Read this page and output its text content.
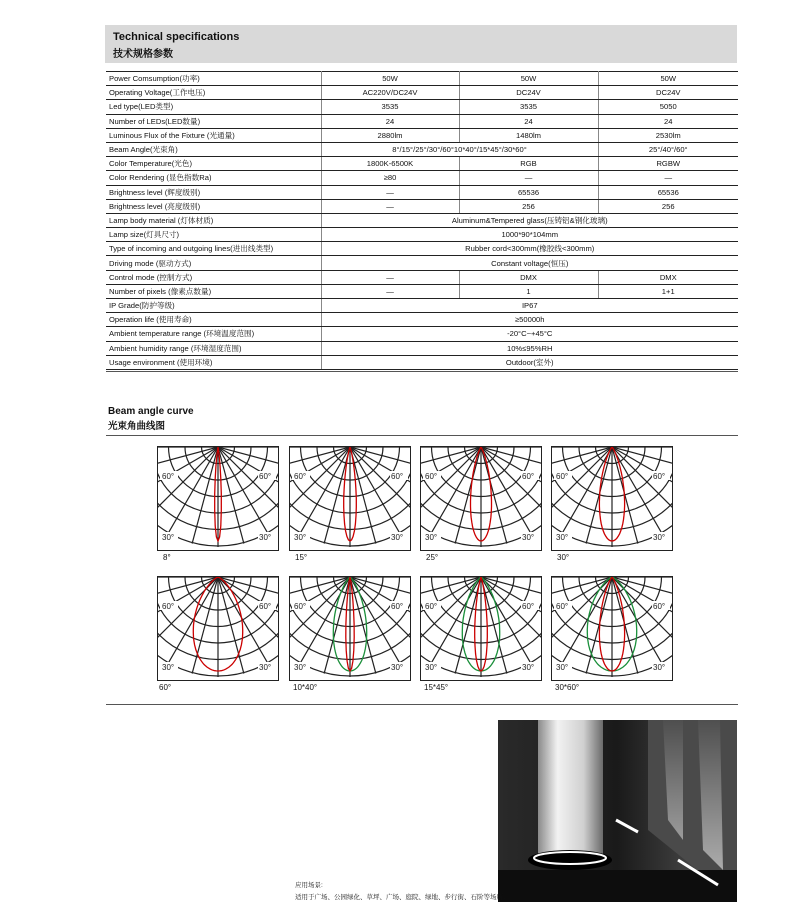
Technical specifications
技术规格参数
Power Comsumption(功率)	50W	50W	50W
Operating Voltage(工作电压)	AC220V/DC24V	DC24V	DC24V
Led type(LED类型)	3535	3535	5050
Number of LEDs(LED数量)	24	24	24
Luminous Flux of the Fixture (光通量)	2880lm	1480lm	2530lm
Beam Angle(光束角)	8°/15°/25°/30°/60°10*40°/15*45°/30*60°		25°/40°/60°
Color Temperature(光色)	1800K-6500K	RGB	RGBW
Color Rendering (显色指数Ra)	≥80	—	—
Brightness level (辉度级别)	—	65536	65536
Brightness level (亮度级别)	—	256	256
Lamp body material (灯体材质)	Aluminum&Tempered glass(压铸铝&钢化玻璃)		
Lamp size(灯具尺寸)	1000*90*104mm		
Type of incoming and outgoing lines(进出线类型)	Rubber cord<300mm(橡胶线<300mm)		
Driving mode (驱动方式)	Constant voltage(恒压)		
Control mode (控制方式)	—	DMX	DMX
Number of pixels (像素点数量)	—	1	1+1
IP Grade(防护等级)	IP67		
Operation life (使用寿命)	≥50000h		
Ambient temperature range (环境温度范围)	-20°C~+45°C		
Ambient humidity range (环境湿度范围)	10%≤95%RH		
Usage environment (使用环境)	Outdoor(室外)		
Beam angle curve
光束角曲线图
60°	60°
30°	30°
8°
60°	60°
30°	30°
15°
60°	60°
30°	30°
25°
60°	60°
30°	30°
30°
60°	60°
30°	30°
60°
60°	60°
30°	30°
10*40°
60°	60°
30°	30°
15*45°
60°	60°
30°	30°
30*60°
应用场景:
适用于广场、公园绿化、草坪、广场、庭院、绿地、步行街、石阶等场所。
